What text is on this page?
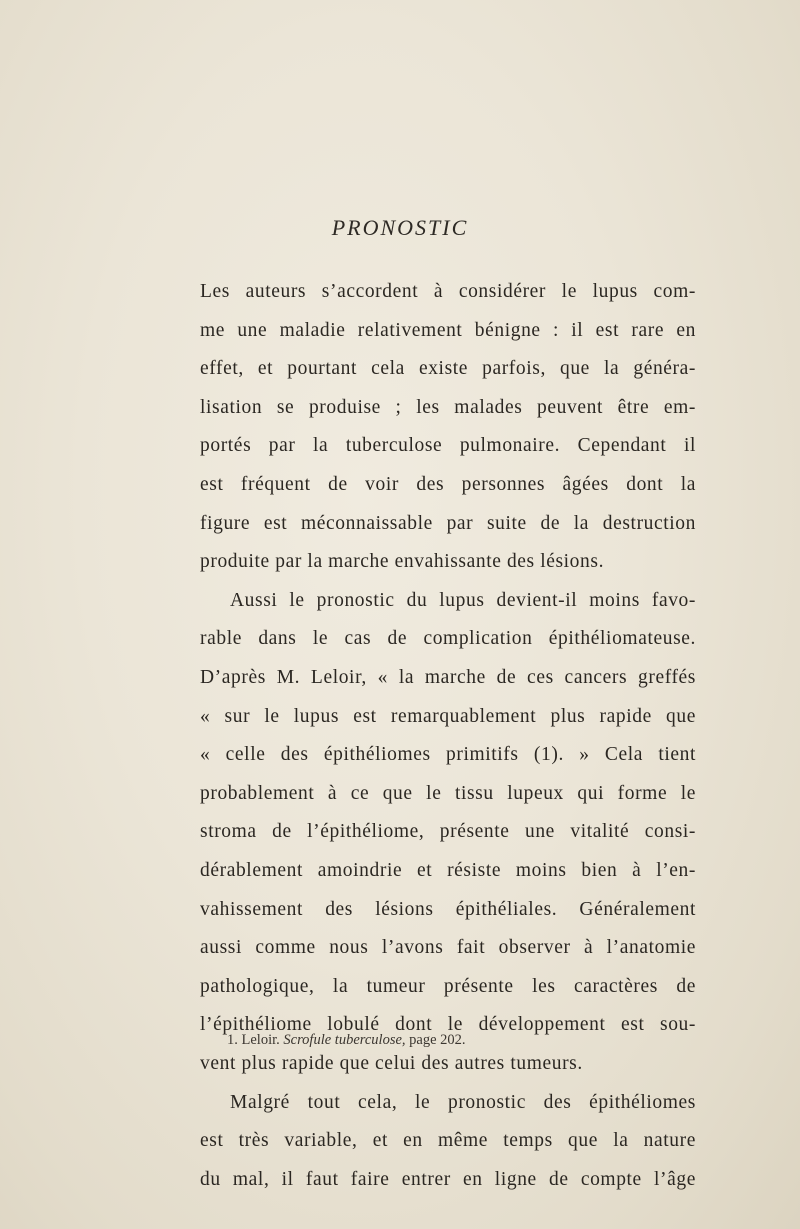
PRONOSTIC
Les auteurs s’accordent à considérer le lupus com-
me une maladie relativement bénigne : il est rare en
effet, et pourtant cela existe parfois, que la généra-
lisation se produise ; les malades peuvent être em-
portés par la tuberculose pulmonaire. Cependant il
est fréquent de voir des personnes âgées dont la
figure est méconnaissable par suite de la destruction
produite par la marche envahissante des lésions.
Aussi le pronostic du lupus devient-il moins favo-
rable dans le cas de complication épithéliomateuse.
D’après M. Leloir, « la marche de ces cancers greffés
« sur le lupus est remarquablement plus rapide que
« celle des épithéliomes primitifs (1). » Cela tient
probablement à ce que le tissu lupeux qui forme le
stroma de l’épithéliome, présente une vitalité consi-
dérablement amoindrie et résiste moins bien à l’en-
vahissement des lésions épithéliales. Généralement
aussi comme nous l’avons fait observer à l’anatomie
pathologique, la tumeur présente les caractères de
l’épithéliome lobulé dont le développement est sou-
vent plus rapide que celui des autres tumeurs.
Malgré tout cela, le pronostic des épithéliomes
est très variable, et en même temps que la nature
du mal, il faut faire entrer en ligne de compte l’âge
1. Leloir. Scrofule tuberculose, page 202.
